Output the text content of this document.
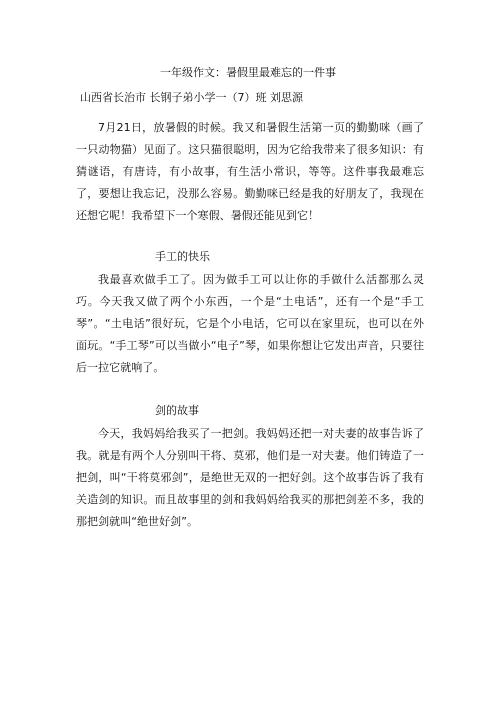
一年级作文：暑假里最难忘的一件事
山西省长治市 长钢子弟小学一（7）班 刘思源

7月21日，放暑假的时候。我又和暑假生活第一页的勤勤咪（画了一只动物猫）见面了。这只猫很聪明，因为它给我带来了很多知识：有猜谜语，有唐诗，有小故事，有生活小常识，等等。这件事我最难忘了，要想让我忘记，没那么容易。勤勤咪已经是我的好朋友了，我现在还想它呢！我希望下一个寒假、暑假还能见到它！

手工的快乐

我最喜欢做手工了。因为做手工可以让你的手做什么活都那么灵巧。今天我又做了两个小东西，一个是“土电话”，还有一个是“手工琴”。“土电话”很好玩，它是个小电话，它可以在家里玩，也可以在外面玩。“手工琴”可以当做小“电子”琴，如果你想让它发出声音，只要往后一拉它就响了。

剑的故事

今天，我妈妈给我买了一把剑。我妈妈还把一对夫妻的故事告诉了我。就是有两个人分别叫干将、莫邪，他们是一对夫妻。他们铸造了一把剑，叫“干将莫邪剑”，是绝世无双的一把好剑。这个故事告诉了我有关造剑的知识。而且故事里的剑和我妈妈给我买的那把剑差不多，我的那把剑就叫“绝世好剑”。
